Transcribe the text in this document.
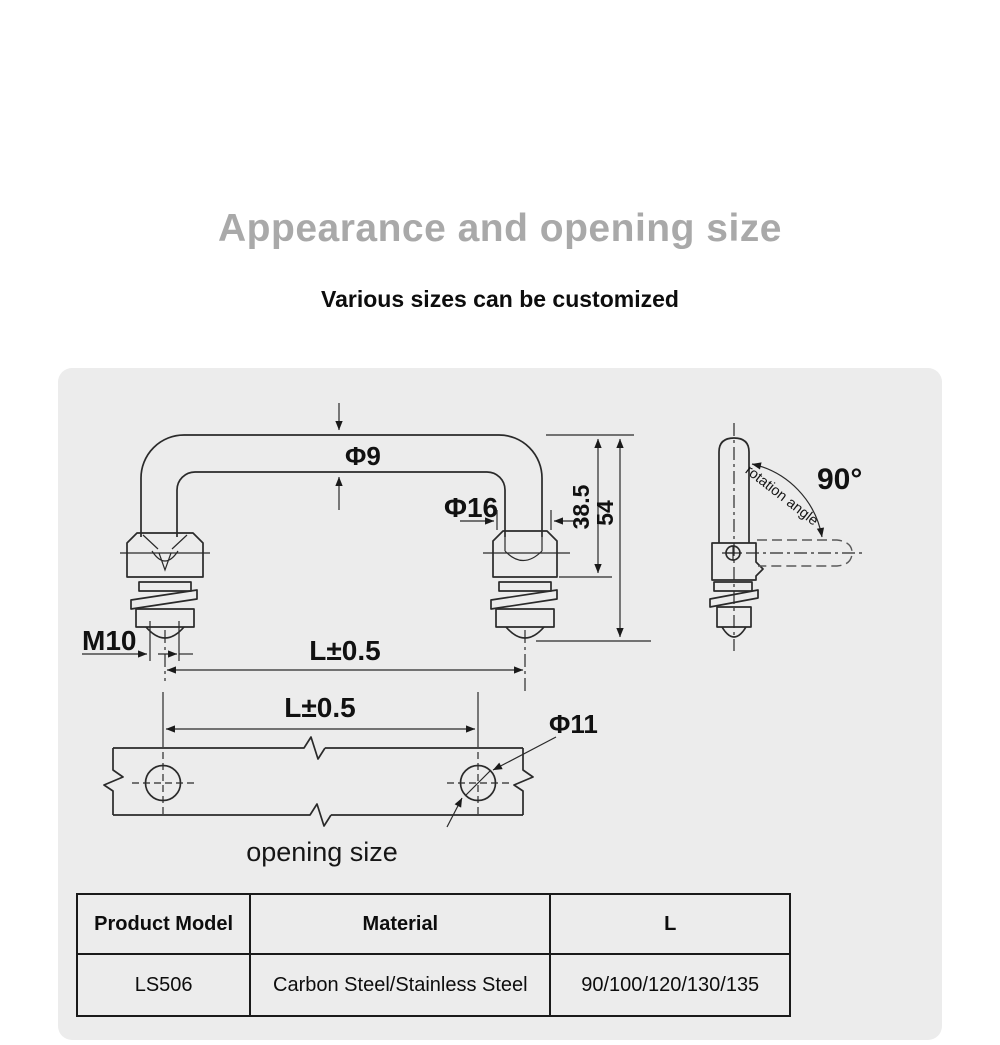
Appearance and opening size
Various sizes can be customized
Φ9
M10	L±0.5
Φ16	38.5
54	rotation angle
90°
L±0.5
Φ11
opening size
Product Model	Material	L
LS506	Carbon Steel/Stainless Steel	90/100/120/130/135
